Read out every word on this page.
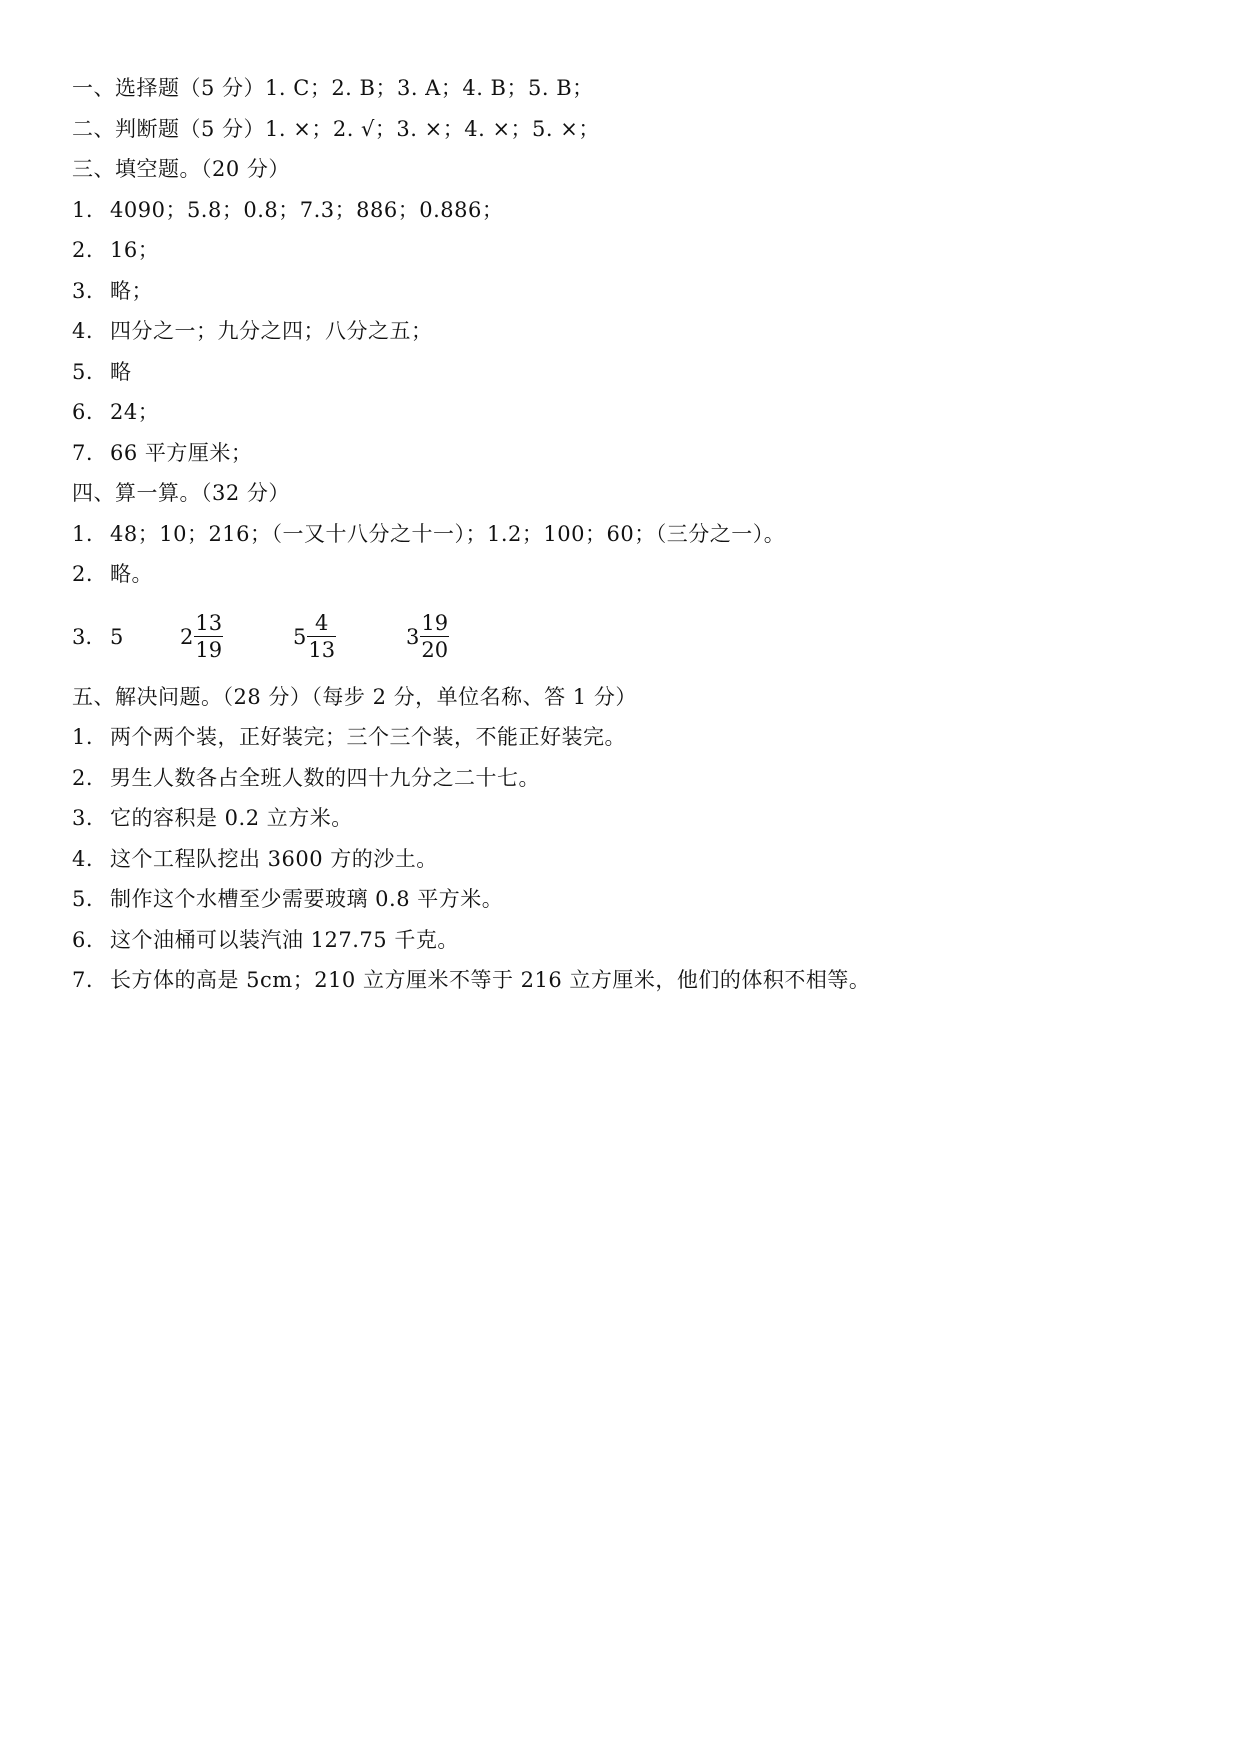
一、选择题（5 分）1. C；2. B；3. A；4. B；5. B；
二、判断题（5 分）1. ×；2. √；3. ×；4. ×；5. ×；
三、填空题。（20 分）
1. 4090；5.8；0.8；7.3；886；0.886；
2. 16；
3. 略；
4. 四分之一；九分之四；八分之五；
5. 略
6. 24；
7. 66 平方厘米；
四、算一算。（32 分）
1. 48；10；216；（一又十八分之十一）；1.2；100；60；（三分之一）。
2. 略。
3. 5	$2 \frac{13}{19}$	$5 \frac{4}{13}$	$3 \frac{19}{20}$
五、解决问题。（28 分）（每步 2 分，单位名称、答 1 分）
1. 两个两个装，正好装完；三个三个装，不能正好装完。
2. 男生人数各占全班人数的四十九分之二十七。
3. 它的容积是 0.2 立方米。
4. 这个工程队挖出 3600 方的沙土。
5. 制作这个水槽至少需要玻璃 0.8 平方米。
6. 这个油桶可以装汽油 127.75 千克。
7. 长方体的高是 5cm；210 立方厘米不等于 216 立方厘米，他们的体积不相等。
